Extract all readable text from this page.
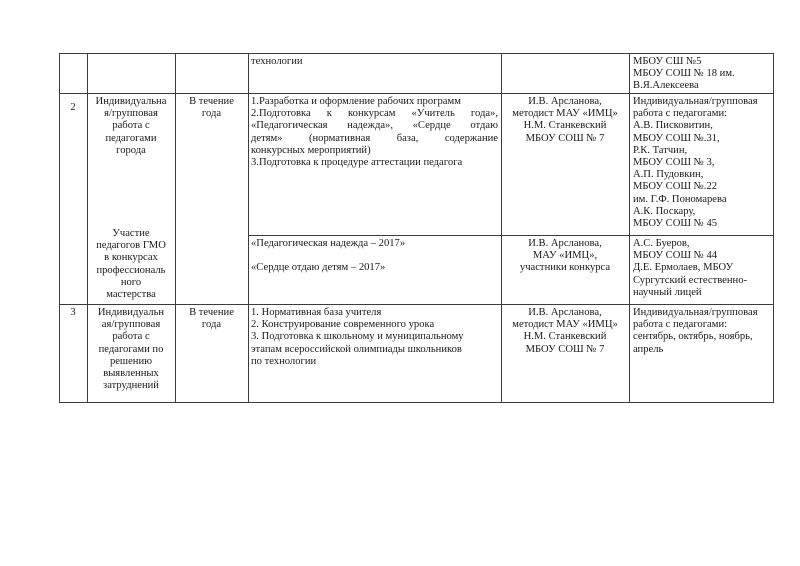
технологии	МБОУ СШ №5
МБОУ СОШ № 18 им.
В.Я.Алексеева
2
Индивидуальна
я/групповая
работа с
педагогами
города
Участие
педагогов ГМО
в конкурсах
профессиональ
ного
мастерства
В течение
года
1.Разработка и оформление рабочих программ
2.Подготовка к конкурсам «Учитель года»,
«Педагогическая надежда», «Сердце отдаю
детям» (нормативная база, содержание
конкурсных мероприятий)
3.Подготовка к процедуре аттестации педагога
И.В. Арсланова,
методист МАУ «ИМЦ»
Н.М. Станкевский
МБОУ СОШ № 7
Индивидуальная/групповая
работа с педагогами:
А.В. Писковитин,
МБОУ СОШ №.31,
Р.К. Татчин,
МБОУ СОШ № 3,
А.П. Пудовкин,
МБОУ СОШ №.22
им. Г.Ф. Пономарева
А.К. Поскару,
МБОУ СОШ № 45
«Педагогическая надежда – 2017»
«Сердце отдаю детям – 2017»
И.В. Арсланова,
МАУ «ИМЦ»,
участники конкурса
А.С. Буеров,
МБОУ СОШ № 44
Д.Е. Ермолаев, МБОУ
Сургутский естественно-
научный лицей
3	Индивидуальн
ая/групповая
работа с
педагогами по
решению
выявленных
затруднений
В течение
года
1. Нормативная база учителя
2. Конструирование современного урока
3. Подготовка к школьному и муниципальному
этапам всероссийской олимпиады школьников
по технологии
И.В. Арсланова,
методист МАУ «ИМЦ»
Н.М. Станкевский
МБОУ СОШ № 7
Индивидуальная/групповая
работа с педагогами:
сентябрь, октябрь, ноябрь,
апрель
